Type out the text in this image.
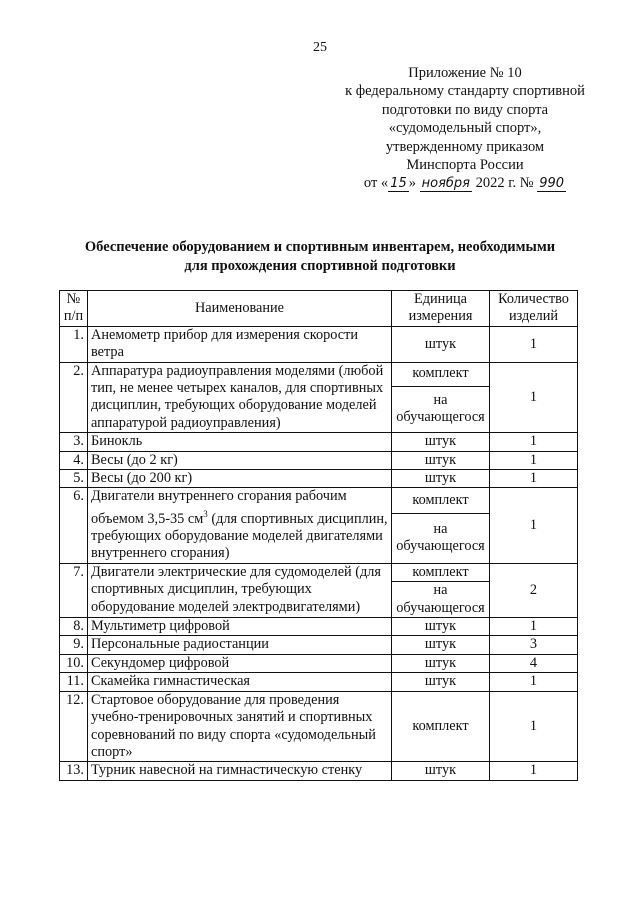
25
Приложение № 10
к федеральному стандарту спортивной
подготовки по виду спорта
«судомодельный спорт»,
утвержденному приказом
Минспорта России
от « 15 » ноября 2022 г. № 990
Обеспечение оборудованием и спортивным инвентарем, необходимыми
для прохождения спортивной подготовки
№ п/п	Наименование	Единица измерения	Количество изделий
1.	Анемометр прибор для измерения скорости ветра	штук	1
2.	Аппаратура радиоуправления моделями (любой тип, не менее четырех каналов, для спортивных дисциплин, требующих оборудование моделей аппаратурой радиоуправления)	комплект	1
		на обучающегося	
3.	Бинокль	штук	1
4.	Весы (до 2 кг)	штук	1
5.	Весы (до 200 кг)	штук	1
6.	Двигатели внутреннего сгорания рабочим объемом 3,5-35 $см^3$ (для спортивных дисциплин, требующих оборудование моделей двигателями внутреннего сгорания)	комплект	1
		на обучающегося	
7.	Двигатели электрические для судомоделей (для спортивных дисциплин, требующих оборудование моделей электродвигателями)	комплект	2
		на обучающегося	
8.	Мультиметр цифровой	штук	1
9.	Персональные радиостанции	штук	3
10.	Секундомер цифровой	штук	4
11.	Скамейка гимнастическая	штук	1
12.	Стартовое оборудование для проведения учебно-тренировочных занятий и спортивных соревнований по виду спорта «судомодельный спорт»	комплект	1
13.	Турник навесной на гимнастическую стенку	штук	1
